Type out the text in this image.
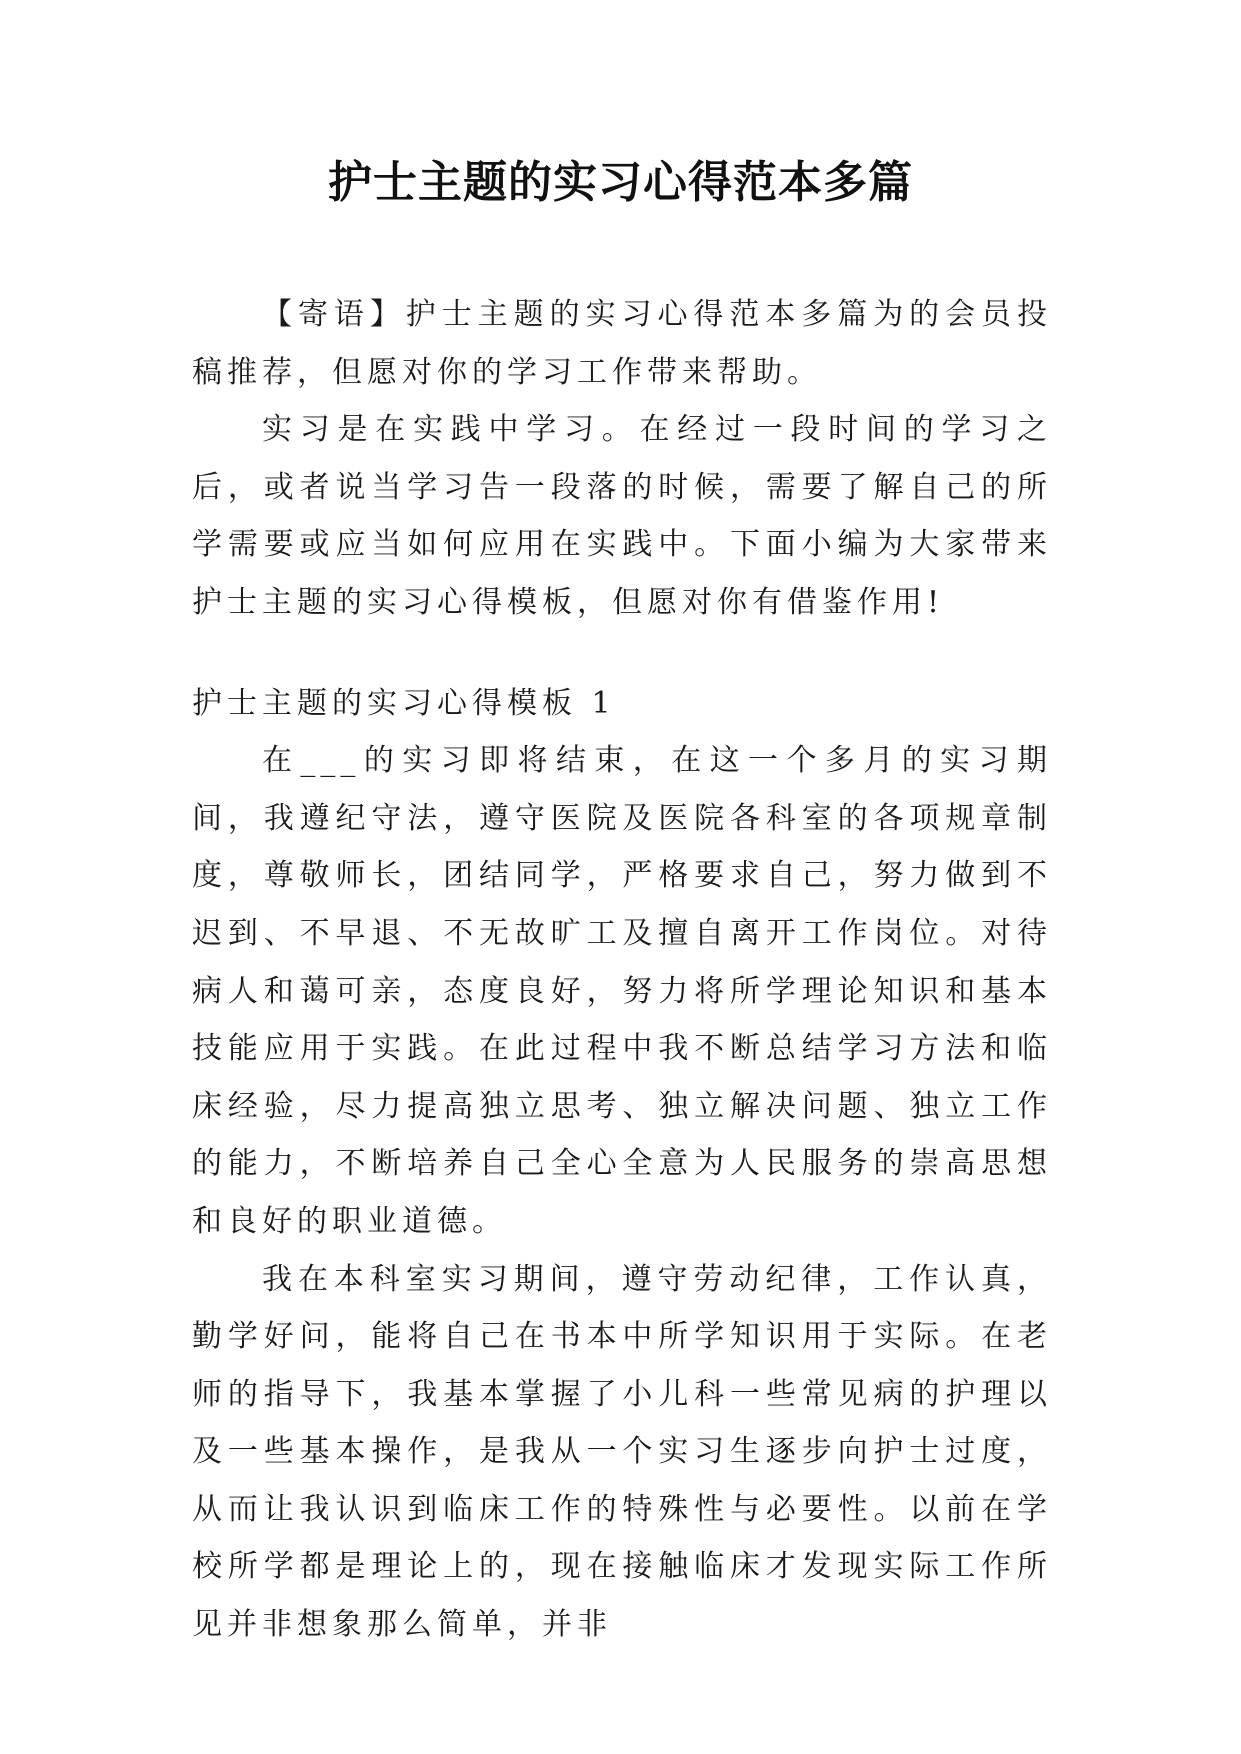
护士主题的实习心得范本多篇

【寄语】护士主题的实习心得范本多篇为的会员投稿推荐，但愿对你的学习工作带来帮助。

实习是在实践中学习。在经过一段时间的学习之后，或者说当学习告一段落的时候，需要了解自己的所学需要或应当如何应用在实践中。下面小编为大家带来护士主题的实习心得模板，但愿对你有借鉴作用!

护士主题的实习心得模板 1

在___的实习即将结束，在这一个多月的实习期间，我遵纪守法，遵守医院及医院各科室的各项规章制度，尊敬师长，团结同学，严格要求自己，努力做到不迟到、不早退、不无故旷工及擅自离开工作岗位。对待病人和蔼可亲，态度良好，努力将所学理论知识和基本技能应用于实践。在此过程中我不断总结学习方法和临床经验，尽力提高独立思考、独立解决问题、独立工作的能力，不断培养自己全心全意为人民服务的崇高思想和良好的职业道德。

我在本科室实习期间，遵守劳动纪律，工作认真，勤学好问，能将自己在书本中所学知识用于实际。在老师的指导下，我基本掌握了小儿科一些常见病的护理以及一些基本操作，是我从一个实习生逐步向护士过度，从而让我认识到临床工作的特殊性与必要性。以前在学校所学都是理论上的，现在接触临床才发现实际工作所见并非想象那么简单，并非
